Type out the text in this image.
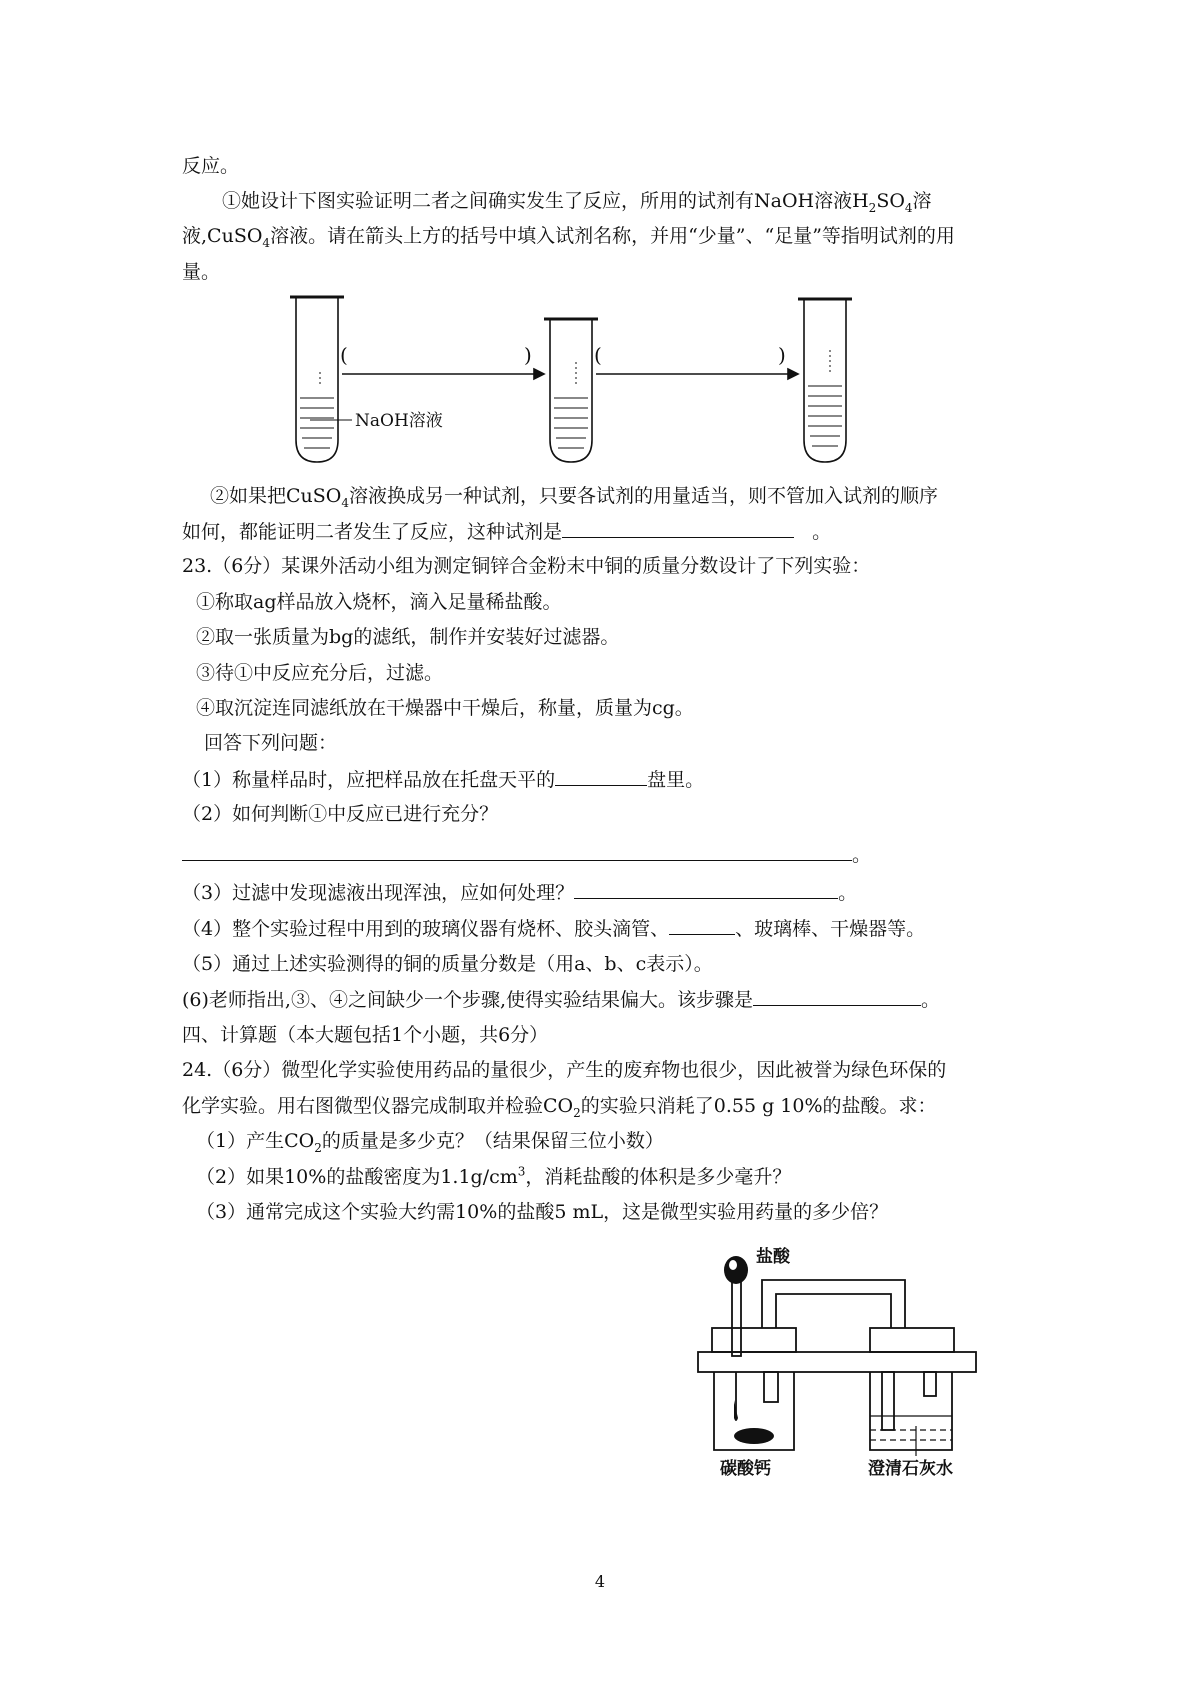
反应。
①她设计下图实验证明二者之间确实发生了反应，所用的试剂有NaOH溶液$H_2SO_4$溶
液,CuSO$_4$溶液。请在箭头上方的括号中填入试剂名称，并用“少量”、“足量”等指明试剂的用
量。
(	)	(	)
NaOH溶液
②如果把CuSO$_4$溶液换成另一种试剂，只要各试剂的用量适当，则不管加入试剂的顺序
如何，都能证明二者发生了反应，这种试剂是	。
23.（6分）某课外活动小组为测定铜锌合金粉末中铜的质量分数设计了下列实验：
①称取ag样品放入烧杯，滴入足量稀盐酸。
②取一张质量为bg的滤纸，制作并安装好过滤器。
③待①中反应充分后，过滤。
④取沉淀连同滤纸放在干燥器中干燥后，称量，质量为cg。
回答下列问题：
（1）称量样品时，应把样品放在托盘天平的	盘里。
（2）如何判断①中反应已进行充分？
。
（3）过滤中发现滤液出现浑浊，应如何处理？	。
（4）整个实验过程中用到的玻璃仪器有烧杯、胶头滴管、	、玻璃棒、干燥器等。
（5）通过上述实验测得的铜的质量分数是（用a、b、c表示）。
(6)老师指出,③、④之间缺少一个步骤,使得实验结果偏大。该步骤是	。
四、计算题（本大题包括1个小题，共6分）
24.（6分）微型化学实验使用药品的量很少，产生的废弃物也很少，因此被誉为绿色环保的
化学实验。用右图微型仪器完成制取并检验$CO_2$的实验只消耗了0.55 g 10%的盐酸。求：
（1）产生$CO_2$的质量是多少克？（结果保留三位小数）
（2）如果10%的盐酸密度为$1.1g/cm^3$，消耗盐酸的体积是多少毫升？
（3）通常完成这个实验大约需10%的盐酸5 mL，这是微型实验用药量的多少倍？
盐酸
碳酸钙	澄清石灰水
4
